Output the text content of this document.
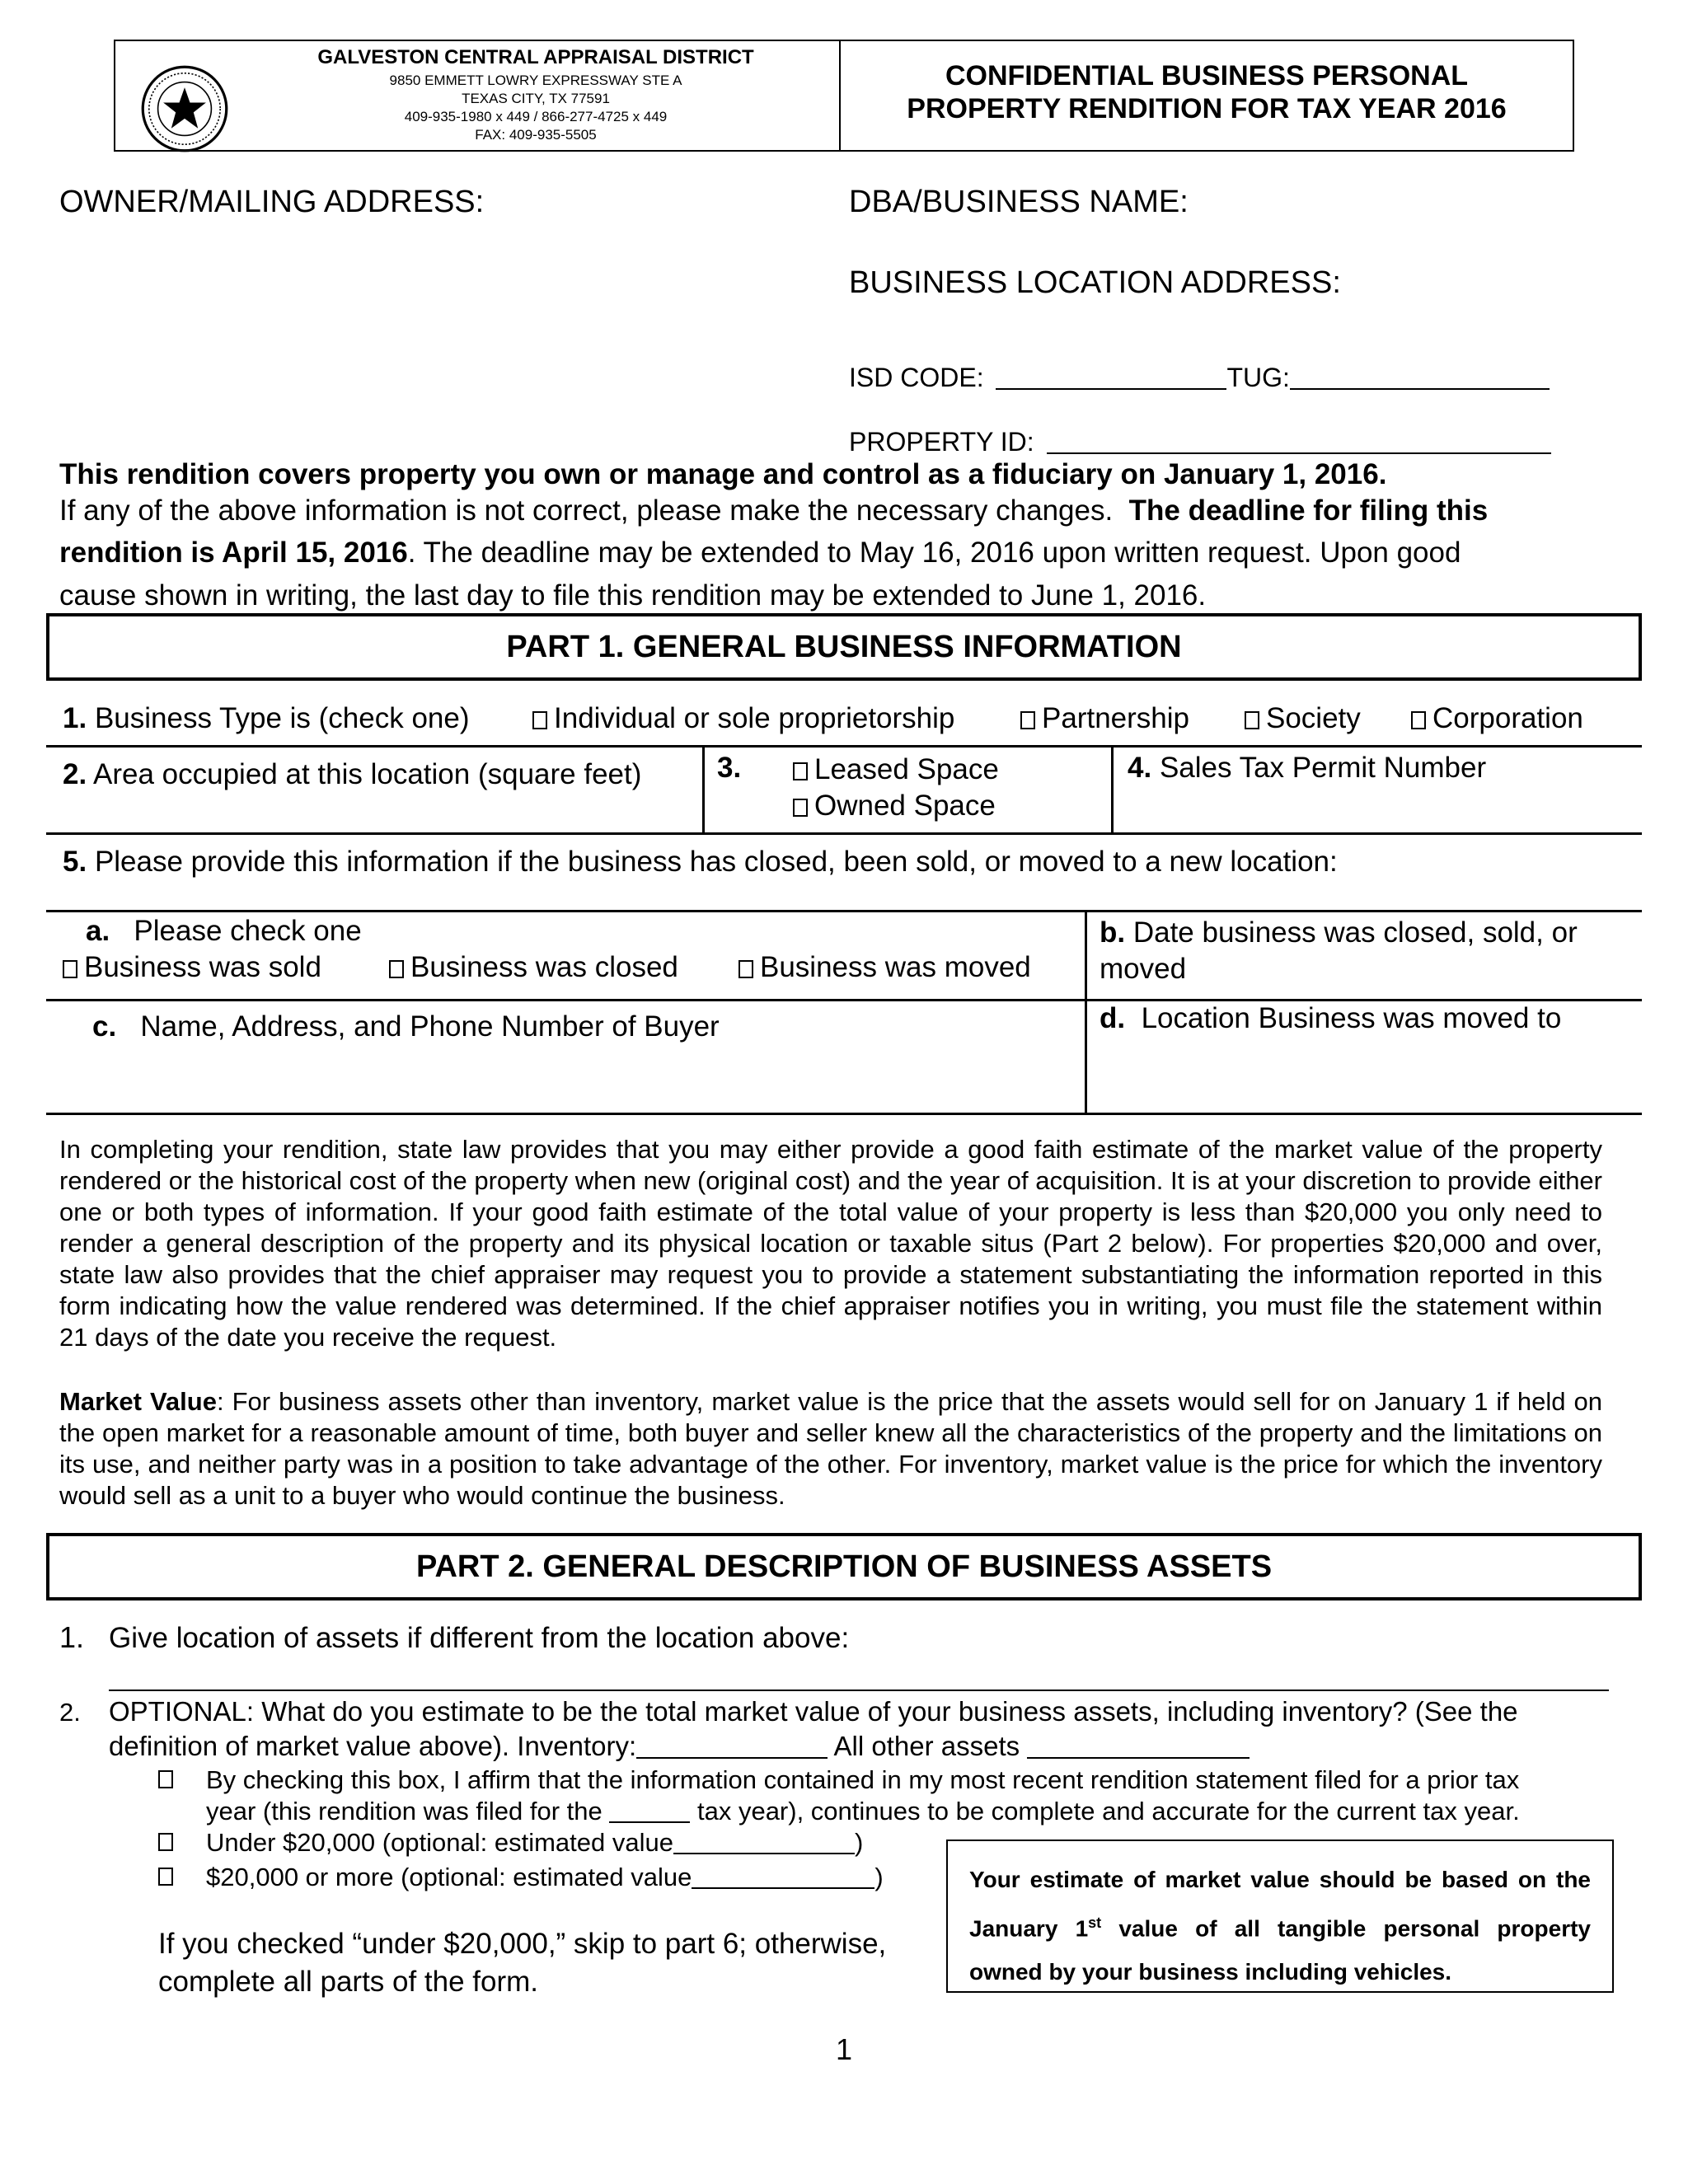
GALVESTON CENTRAL APPRAISAL DISTRICT
9850 EMMETT LOWRY EXPRESSWAY STE A
TEXAS CITY, TX 77591
409-935-1980 x 449 / 866-277-4725 x 449
FAX: 409-935-5505
CONFIDENTIAL BUSINESS PERSONAL
PROPERTY RENDITION FOR TAX YEAR 2016
OWNER/MAILING ADDRESS:	DBA/BUSINESS NAME:
BUSINESS LOCATION ADDRESS:
ISD CODE:	TUG:
PROPERTY ID:
This rendition covers property you own or manage and control as a fiduciary on January 1, 2016.
If any of the above information is not correct, please make the necessary changes. The deadline for filing this
rendition is April 15, 2016. The deadline may be extended to May 16, 2016 upon written request. Upon good
cause shown in writing, the last day to file this rendition may be extended to June 1, 2016.
PART 1. GENERAL BUSINESS INFORMATION
1. Business Type is (check one)	Individual or sole proprietorship	Partnership	Society	Corporation
2. Area occupied at this location (square feet)	3.	Leased Space
Owned Space
4. Sales Tax Permit Number
5. Please provide this information if the business has closed, been sold, or moved to a new location:
a. Please check one
Business was sold	Business was closed	Business was moved
b. Date business was closed, sold, or
moved
c. Name, Address, and Phone Number of Buyer	d. Location Business was moved to
In completing your rendition, state law provides that you may either provide a good faith estimate of the market value of the property rendered or the historical cost of the property when new (original cost) and the year of acquisition. It is at your discretion to provide either one or both types of information. If your good faith estimate of the total value of your property is less than $20,000 you only need to render a general description of the property and its physical location or taxable situs (Part 2 below). For properties $20,000 and over, state law also provides that the chief appraiser may request you to provide a statement substantiating the information reported in this form indicating how the value rendered was determined. If the chief appraiser notifies you in writing, you must file the statement within 21 days of the date you receive the request.
Market Value: For business assets other than inventory, market value is the price that the assets would sell for on January 1 if held on the open market for a reasonable amount of time, both buyer and seller knew all the characteristics of the property and the limitations on its use, and neither party was in a position to take advantage of the other. For inventory, market value is the price for which the inventory would sell as a unit to a buyer who would continue the business.
PART 2. GENERAL DESCRIPTION OF BUSINESS ASSETS
1. Give location of assets if different from the location above:
2. OPTIONAL: What do you estimate to be the total market value of your business assets, including inventory? (See the
definition of market value above). Inventory:	All other assets
By checking this box, I affirm that the information contained in my most recent rendition statement filed for a prior tax
year (this rendition was filed for the	tax year), continues to be complete and accurate for the current tax year.
Under $20,000 (optional: estimated value	)
$20,000 or more (optional: estimated value	)
If you checked “under $20,000,” skip to part 6; otherwise,
complete all parts of the form.
Your estimate of market value should be based on the January 1st value of all tangible personal property owned by your business including vehicles.
1
